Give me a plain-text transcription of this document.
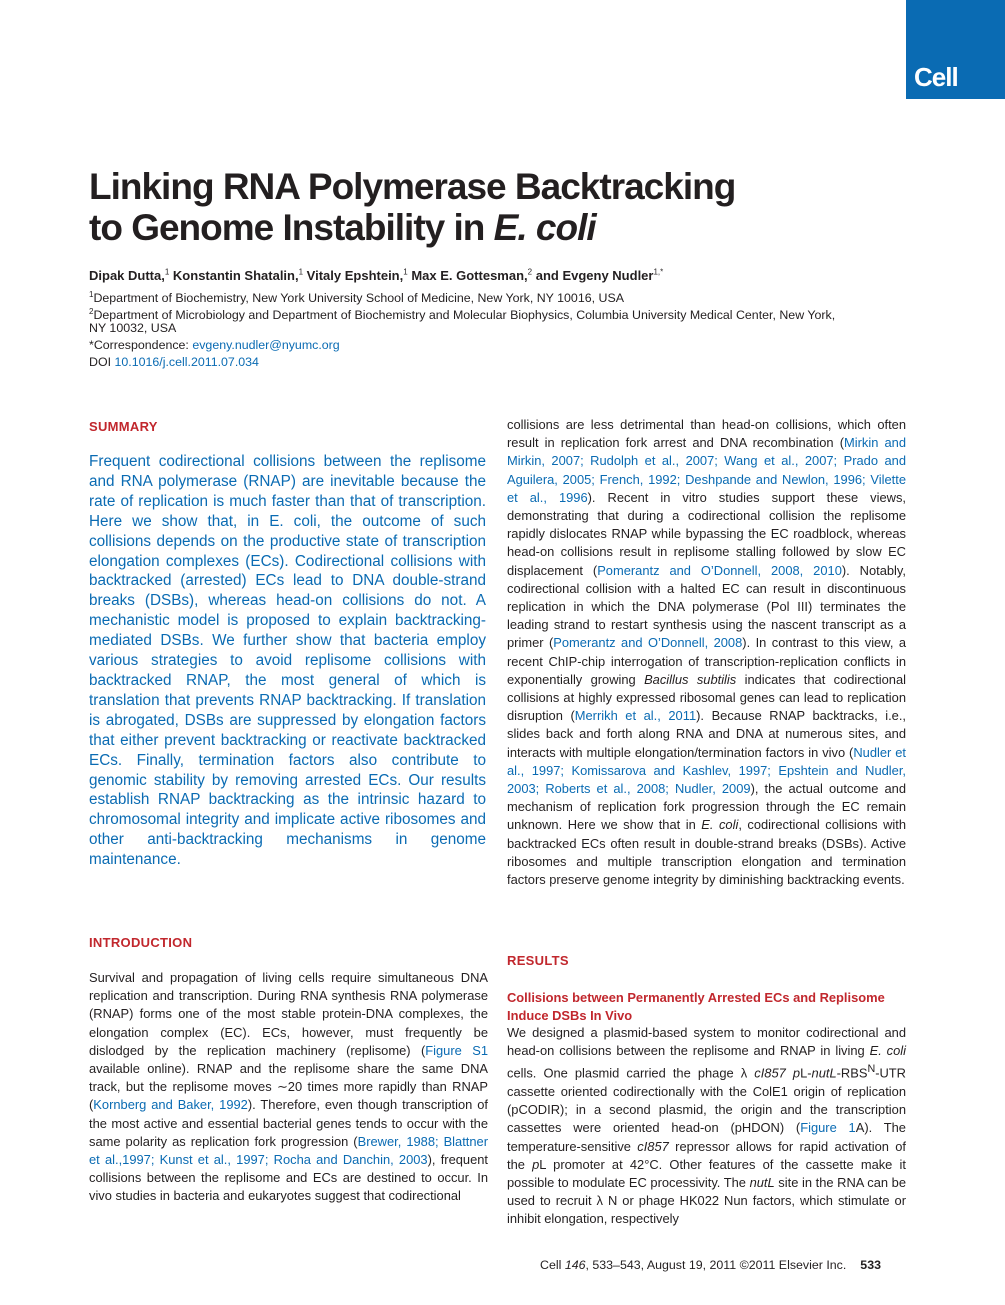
Cell
Linking RNA Polymerase Backtracking
to Genome Instability in E. coli
Dipak Dutta,$^1$ Konstantin Shatalin,$^1$ Vitaly Epshtein,$^1$ Max E. Gottesman,$^2$ and Evgeny Nudler$^{1,*}$
$^1$Department of Biochemistry, New York University School of Medicine, New York, NY 10016, USA
$^2$Department of Microbiology and Department of Biochemistry and Molecular Biophysics, Columbia University Medical Center, New York,
NY 10032, USA
*Correspondence: evgeny.nudler@nyumc.org
DOI 10.1016/j.cell.2011.07.034
SUMMARY

Frequent codirectional collisions between the replisome and RNA polymerase (RNAP) are inevitable because the rate of replication is much faster than that of transcription. Here we show that, in E. coli, the outcome of such collisions depends on the productive state of transcription elongation complexes (ECs). Codirectional collisions with backtracked (arrested) ECs lead to DNA double-strand breaks (DSBs), whereas head-on collisions do not. A mechanistic model is proposed to explain backtracking-mediated DSBs. We further show that bacteria employ various strategies to avoid replisome collisions with backtracked RNAP, the most general of which is translation that prevents RNAP backtracking. If translation is abrogated, DSBs are suppressed by elongation factors that either prevent backtracking or reactivate backtracked ECs. Finally, termination factors also contribute to genomic stability by removing arrested ECs. Our results establish RNAP backtracking as the intrinsic hazard to chromosomal integrity and implicate active ribosomes and other anti-backtracking mechanisms in genome maintenance.

INTRODUCTION

Survival and propagation of living cells require simultaneous DNA replication and transcription. During RNA synthesis RNA polymerase (RNAP) forms one of the most stable protein-DNA complexes, the elongation complex (EC). ECs, however, must frequently be dislodged by the replication machinery (replisome) (Figure S1 available online). RNAP and the replisome share the same DNA track, but the replisome moves ∼20 times more rapidly than RNAP (Kornberg and Baker, 1992). Therefore, even though transcription of the most active and essential bacterial genes tends to occur with the same polarity as replication fork progression (Brewer, 1988; Blattner et al.,1997; Kunst et al., 1997; Rocha and Danchin, 2003), frequent collisions between the replisome and ECs are destined to occur. In vivo studies in bacteria and eukaryotes suggest that codirectional

collisions are less detrimental than head-on collisions, which often result in replication fork arrest and DNA recombination (Mirkin and Mirkin, 2007; Rudolph et al., 2007; Wang et al., 2007; Prado and Aguilera, 2005; French, 1992; Deshpande and Newlon, 1996; Vilette et al., 1996). Recent in vitro studies support these views, demonstrating that during a codirectional collision the replisome rapidly dislocates RNAP while bypassing the EC roadblock, whereas head-on collisions result in replisome stalling followed by slow EC displacement (Pomerantz and O’Donnell, 2008, 2010). Notably, codirectional collision with a halted EC can result in discontinuous replication in which the DNA polymerase (Pol III) terminates the leading strand to restart synthesis using the nascent transcript as a primer (Pomerantz and O’Donnell, 2008). In contrast to this view, a recent ChIP-chip interrogation of transcription-replication conflicts in exponentially growing Bacillus subtilis indicates that codirectional collisions at highly expressed ribosomal genes can lead to replication disruption (Merrikh et al., 2011). Because RNAP backtracks, i.e., slides back and forth along RNA and DNA at numerous sites, and interacts with multiple elongation/termination factors in vivo (Nudler et al., 1997; Komissarova and Kashlev, 1997; Epshtein and Nudler, 2003; Roberts et al., 2008; Nudler, 2009), the actual outcome and mechanism of replication fork progression through the EC remain unknown. Here we show that in E. coli, codirectional collisions with backtracked ECs often result in double-strand breaks (DSBs). Active ribosomes and multiple transcription elongation and termination factors preserve genome integrity by diminishing backtracking events.

RESULTS
Collisions between Permanently Arrested ECs and Replisome Induce DSBs In Vivo

We designed a plasmid-based system to monitor codirectional and head-on collisions between the replisome and RNAP in living E. coli cells. One plasmid carried the phage λ cI857 $pL-nutL-RBS^N$-UTR cassette oriented codirectionally with the ColE1 origin of replication (pCODIR); in a second plasmid, the origin and the transcription cassettes were oriented head-on (pHDON) (Figure 1A). The temperature-sensitive cI857 repressor allows for rapid activation of the pL promoter at 42°C. Other features of the cassette make it possible to modulate EC processivity. The nutL site in the RNA can be used to recruit λ N or phage HK022 Nun factors, which stimulate or inhibit elongation, respectively

Cell 146, 533–543, August 19, 2011 ©2011 Elsevier Inc. 533
